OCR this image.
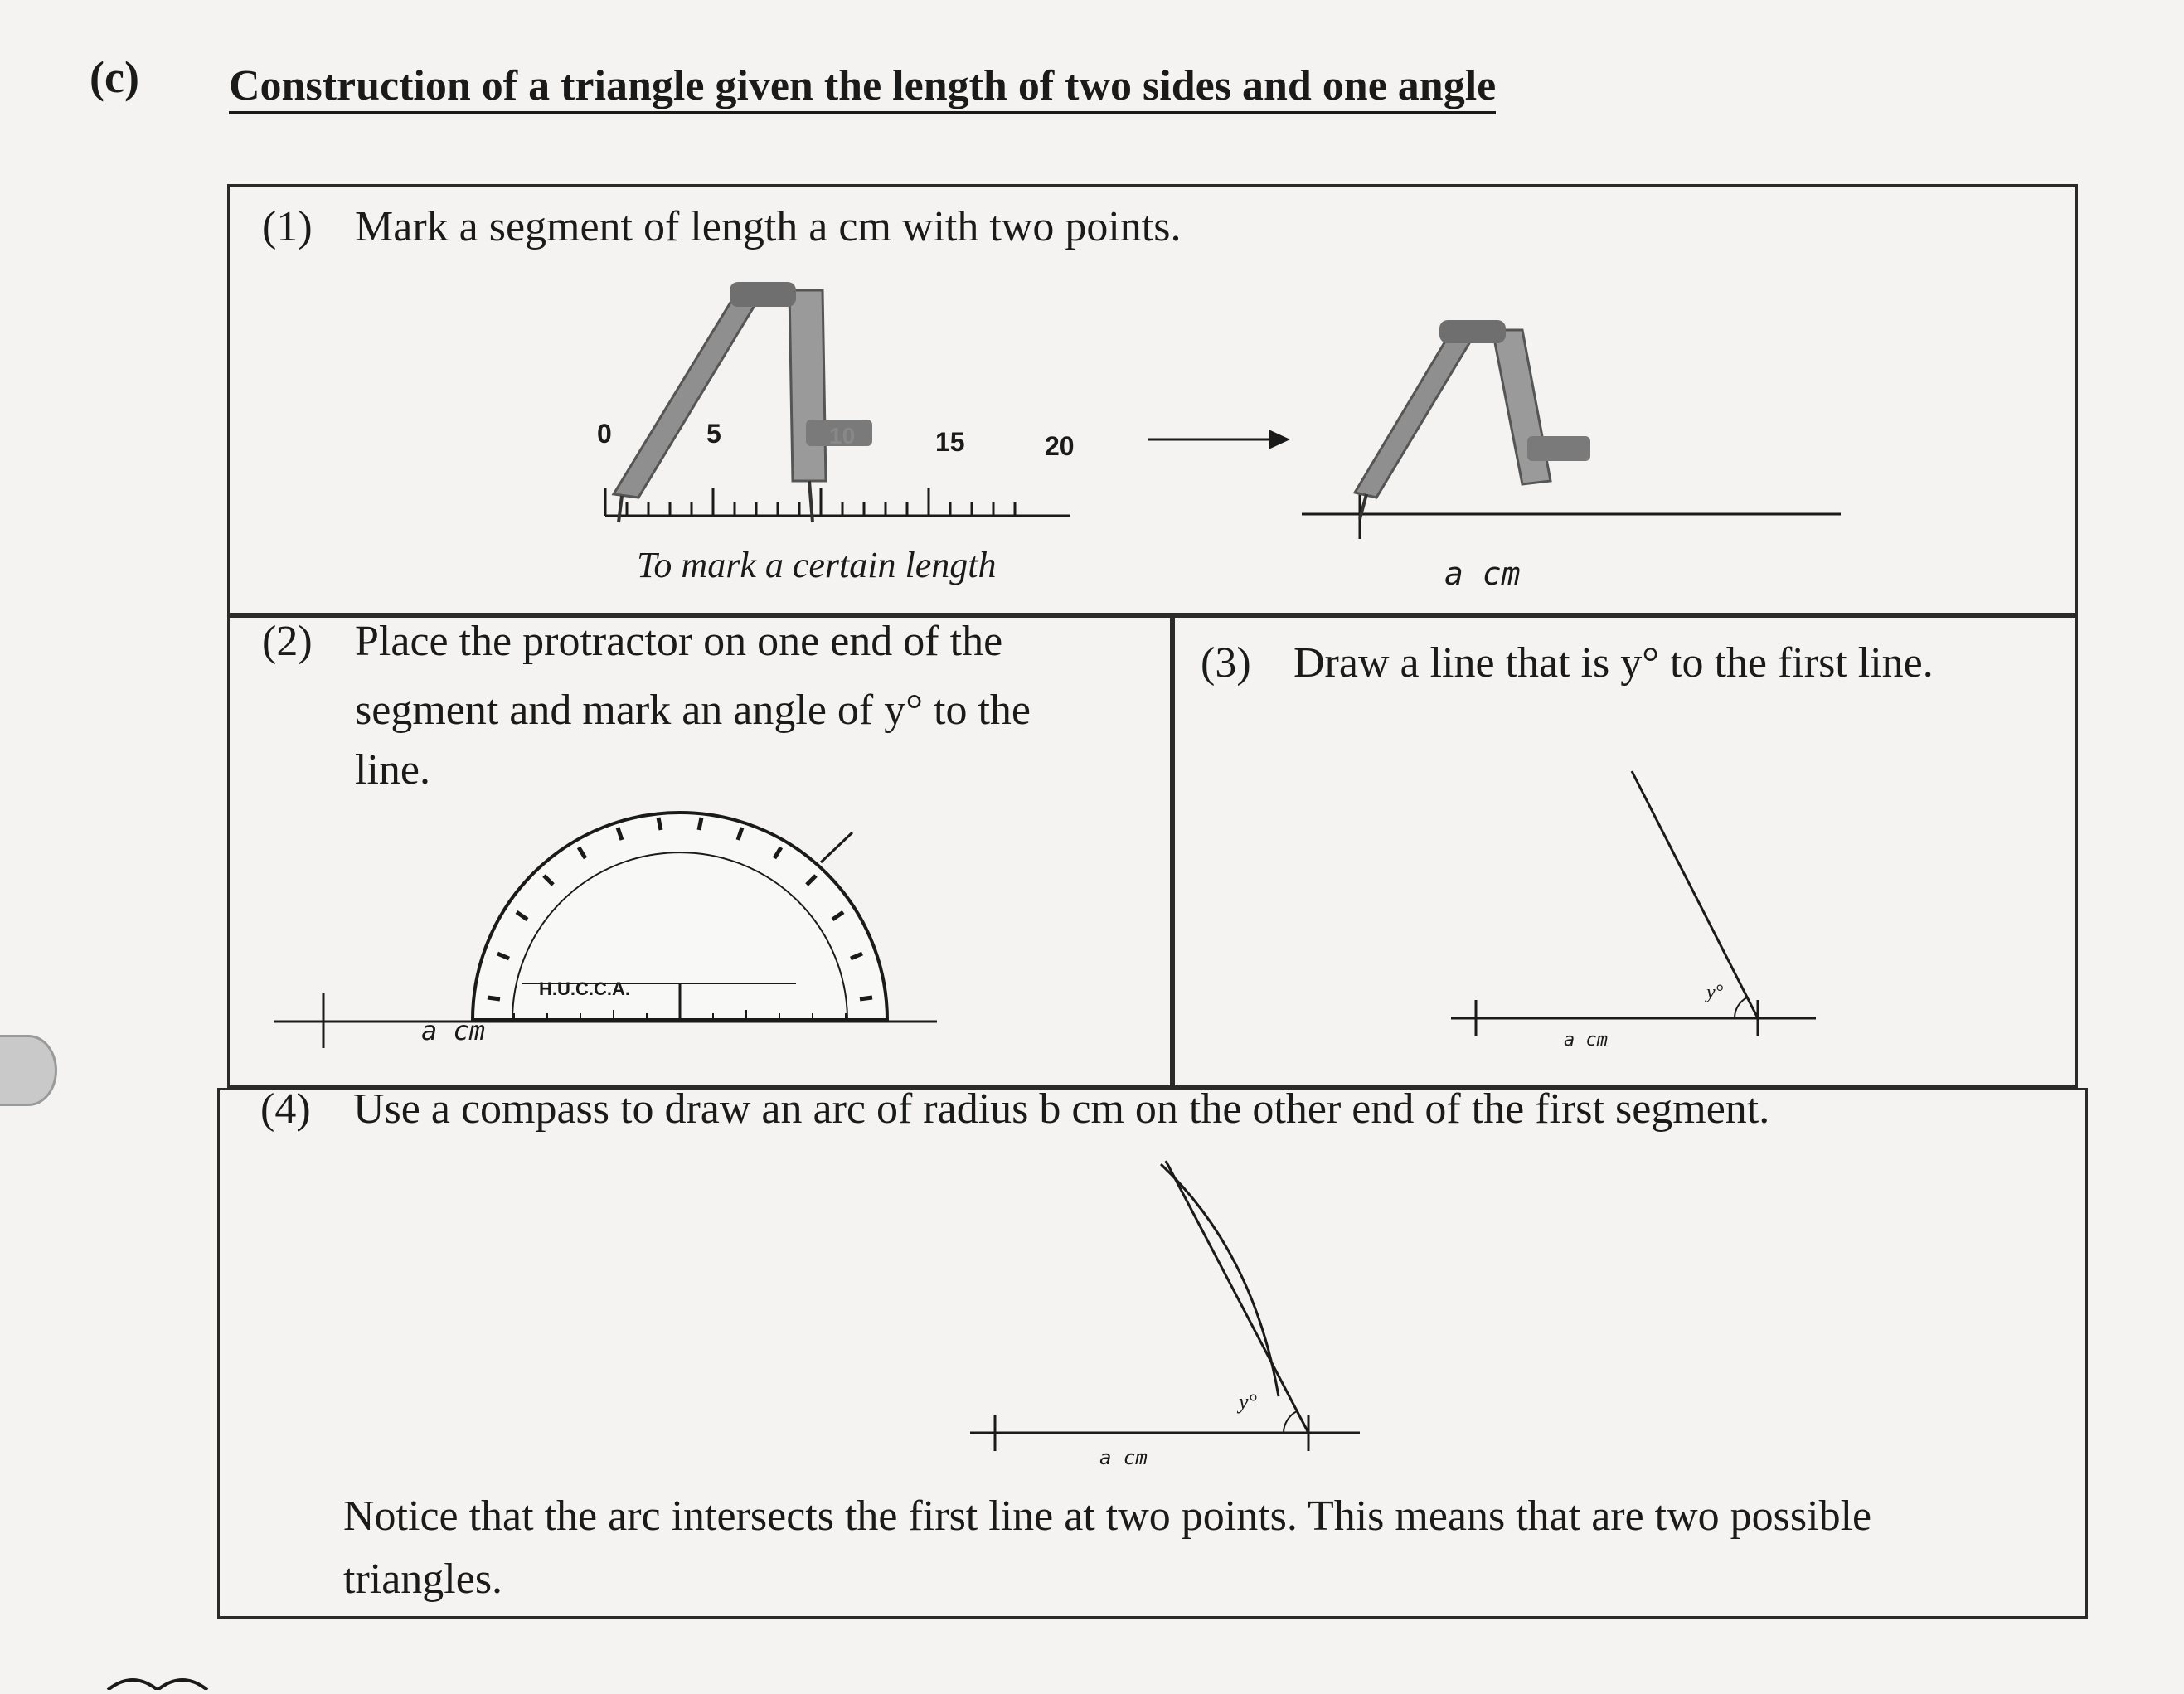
(c) Construction of a triangle given the length of two sides and one angle
(1) Mark a segment of length a cm with two points.
0	5	10	15	20
To mark a certain length	a cm
(2) Place the protractor on one end of the
segment and mark an angle of y° to the
line.
H.U.C.C.A.
a cm
(3) Draw a line that is y° to the first line.
y°
a cm
(4) Use a compass to draw an arc of radius b cm on the other end of the first segment.
y°
a cm
Notice that the arc intersects the first line at two points. This means that are two possible
triangles.
